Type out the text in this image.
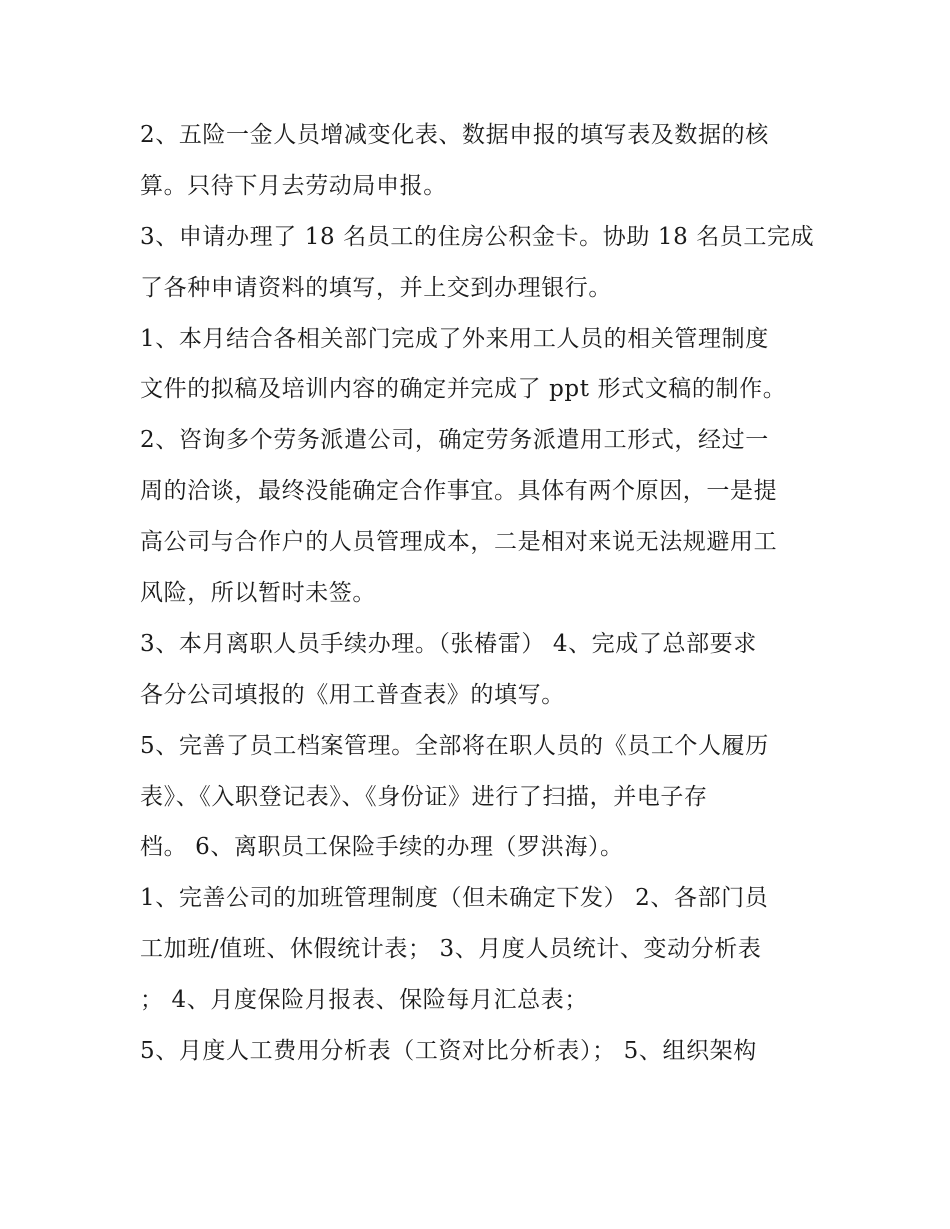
2、五险一金人员增减变化表、数据申报的填写表及数据的核
算。只待下月去劳动局申报。
3、申请办理了 18 名员工的住房公积金卡。协助 18 名员工完成
了各种申请资料的填写，并上交到办理银行。
1、本月结合各相关部门完成了外来用工人员的相关管理制度
文件的拟稿及培训内容的确定并完成了 ppt 形式文稿的制作。
2、咨询多个劳务派遣公司，确定劳务派遣用工形式，经过一
周的洽谈，最终没能确定合作事宜。具体有两个原因，一是提
高公司与合作户的人员管理成本，二是相对来说无法规避用工
风险，所以暂时未签。
3、本月离职人员手续办理。（张椿雷） 4、完成了总部要求
各分公司填报的《用工普查表》的填写。
5、完善了员工档案管理。全部将在职人员的《员工个人履历
表》、《入职登记表》、《身份证》进行了扫描，并电子存
档。 6、离职员工保险手续的办理（罗洪海）。
1、完善公司的加班管理制度（但未确定下发） 2、各部门员
工加班/值班、休假统计表； 3、月度人员统计、变动分析表
； 4、月度保险月报表、保险每月汇总表；
5、月度人工费用分析表（工资对比分析表）； 5、组织架构
